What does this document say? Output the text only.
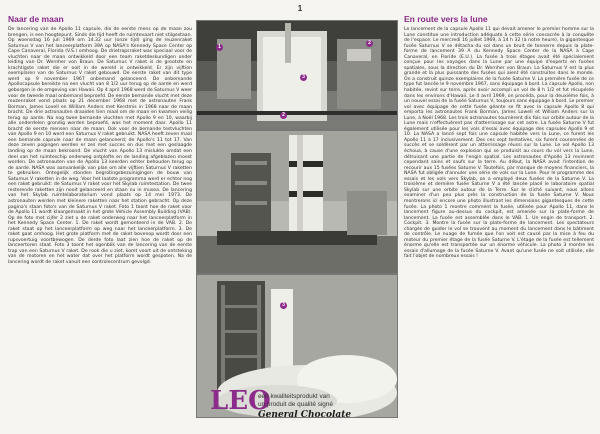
1
Naar de maan

De lancering van de Apollo 11 capsule, die de eerste mens op de maan zou brengen, is een hoogtepunt. Sinds die tijd heeft de ruimtevaart niet stilgestaan. Op woensdag 16 juli 1969 om 14.32 uur (onze tijd) ging de reuzenraket Saturnus V van het lanceerplatform 39A op NASA's Kennedy Space Center op Cape Canaveral, Florida (V.S.) omhoog. De drietrapsraket was speciaal voor de vluchten naar de maan ontwikkeld door een team raketdeskundigen onder leiding van Dr. Wernher von Braun. De Saturnus V raket is de grootste en krachtigste raket die er ooit in de wereld is ontwikkeld. Er zijn vijftien exemplaren van de Saturnus V raket gebouwd. De eerste raket van dit type werd op 9 november 1967 onbemand gelanceerd. De onbemande Apollocapsule bereikte na een vlucht van 8 1/2 uur terug op de aarde en werd geborgen in de omgeving van Hawaii. Op 4 april 1968 werd de Saturnus V weer voor de tweede maal onbemand beproefd. De eerste bemande vlucht met deze reuzenraket vond plaats op 21 december 1968 met de astronauten Frank Borman, James Lovell en William Anders met Kerstmis in 1968 naar de maan bracht. De drie astronauten draaiden tien maal om de maan en kwamen veilig terug op aarde. Na nog twee bemande vluchten met Apollo 9 en 10, waarbij alle onderdelen grondig werden beproefd, was het moment daar. Apollo 11 bracht de eerste mensen naar de maan. Ook voor de bemande testvluchten van Apollo 9 en 10 werd een Saturnus V raket gebruikt. NASA heeft zeven maal een bemande capsule naar de maan gelanceerd; de Apollo's 11 tot 17. Van deze zeven pogingen werden er zes met succes en dus met een geslaagde landing op de maan bekroond. De vlucht van Apollo 13 mislukte omdat een deel van het ruimteschip onderweg ontplofte en de landing afgeblazen moest worden. De astronauten van de Apollo 13 keerden echter behouden terug op de aarde. NASA was aanvankelijk van plan om alle vijftien Saturnus V raketten te gebruiken. Ontegelijk stonden begrotingsbezuinigingen de bouw van Saturnus V raketten in de weg. Voor het laatste programma werd er echter nog een raket gebruikt: de Saturnus V raket voor het Skylab ruimtestation. De twee resterende raketten zijn nooit gelanceerd en staan nu in musea. De lancering van het Skylab ruimtelaboratorium vond plaats op 14 mei 1973. De astronauten werden met kleinere raketten naar het station gebracht. Op deze pagina's staan foto's van de Saturnus V raket. Foto 1 toont hoe de raket voor de Apollo 11 wordt klaargemaakt in het grote Vehicle Assembly Building (VAB). Op de foto met cijfer 2 ziet u de raket onderweg naar het lanceerplatform in het Kennedy Space Center. 1. De raket wordt gemonteerd in de VAB. 2. De raket staat op het lanceerplatform op weg naar het lanceerplatform. 3. De raket gaat omhoog. Het grote platform met de raket bovenop wordt door een rupsvoertuig voortbewogen. De derde foto laat zien hoe de raket op de lanceertoren staat. Foto 3 toont het ogenblik van de lancering van de eerste trap van een Saturnus V raket. De rook die u ziet, komt voort uit de ontsteking van de motoren en het water dat over het platform wordt gespoten. Na de lancering wordt de raket vanuit een controlecentrum gevolgd.

1
2
3
2
3
En route vers la lune

Le lancement de la capsule Apollo 11 qui devait amener le premier homme sur la Lune constitue une introduction adéquate à cette série consacrée à la conquête de l'espace. Le mercredi 16 juillet 1969, à 14 h 32 (à notre heure), la gigantesque fusée Saturnus V se détacha du sol dans un bruit de tonnerre depuis la plate-forme de lancement 39 A du Kennedy Space Center de la NASA à Cape Canaveral, en Floride (E.U.). La fusée à trois étages avait été spécialement conçue pour les voyages dans la Lune par une équipe d'experts en fusées spatiales, sous la direction du Dr. Wernher von Braun. La Saturnus V est la plus grande et la plus puissante des fusées qui aient été construites dans le monde. On a construit quinze exemplaires de la fusée Saturne V. La première fusée de ce type fut lancée le 9 novembre 1967, sans équipage à bord. La capsule Apollo, non habitée, revint sur terre, après avoir accompli un vol de 8 h 1/2 et fut récupérée dans les environs d'Hawaii. Le 4 avril 1969, on procéda, pour la deuxième fois, à un nouvel essai de la fusée Saturnus V, toujours sans équipage à bord. Le premier vol avec équipage de cette fusée géante se fit avec la capsule Apollo 8 qui emporta les astronautes Frank Borman, James Lowell et William Anders sur la Lune, à Noël 1968. Les trois astronautes tournèrent dix fois sur orbite autour de la Lune mais n'effectuèrent pas d'atterrissage sur cet astre. La fusée Saturne V fut également utilisée pour les vols d'essai avec équipage des capsules Apollo 9 et 10. La NASA a lancé sept fois une capsule habitée vers la Lune, ce furent les Apollo 11 à 17 inclusivement. Des ces sept tentatives, six furent couronnées de succès et se soldèrent par un atterrissage réussi sur la Lune. Le vol Apollo 13 échoua, à cause d'une explosion qui se produisit au cours du vol vers la Lune, détruisant une partie de l'engin spatial. Les astronautes d'Apollo 13 revinrent cependant sains et saufs sur la terre. Au début, la NASA avait l'intention de recourir aux 15 fusées Saturne V. Toutefois, par manque de moyens financiers, la NASA fut obligée d'annuler une série de vols sur la Lune. Pour le programme des essais et les vols vers Skylab, on a employé deux fusées de la Saturne V. La troisième et dernière fusée Saturne V a été lancée placé le laboratoire spatial Skylab sur une orbite autour de la Terre. Sur le cliché suivant, nous allons examiner d'un peu plus près la construction de la fusée Saturne V. Nous montrerons ici encore une photo illustrant les dimensions gigantesques de cette fusée. La photo 1 montre comment la fusée, utilisée pour Apollo 11, dans le lancement figure au-dessus du cockpit, est amenée sur la plate-forme de lancement. La fusée est assemblée dans le VAB. 1. Un engin de transport. 2. Cockpit. 3. Montre la fusée sur la plate-forme de lancement. Les spectateurs chargés de guider le vol se trouvent au moment du lancement dans le bâtiment de contrôle. Le nuage de fumée que l'on voit est causé par la mise à feu du moteur du premier étage de la fusée Saturne V. L'étage de la fusée est tellement énorme qu'elle est transportée sur un énorme véhicule. La photo 3 montre les essais d'allumage de la fusée Saturne V. Avant qu'une fusée ne soit utilisée, elle fait l'objet de nombreux essais !

LEO
een kwaliteitsprodukt van
un produit de qualité signé
General Chocolate
